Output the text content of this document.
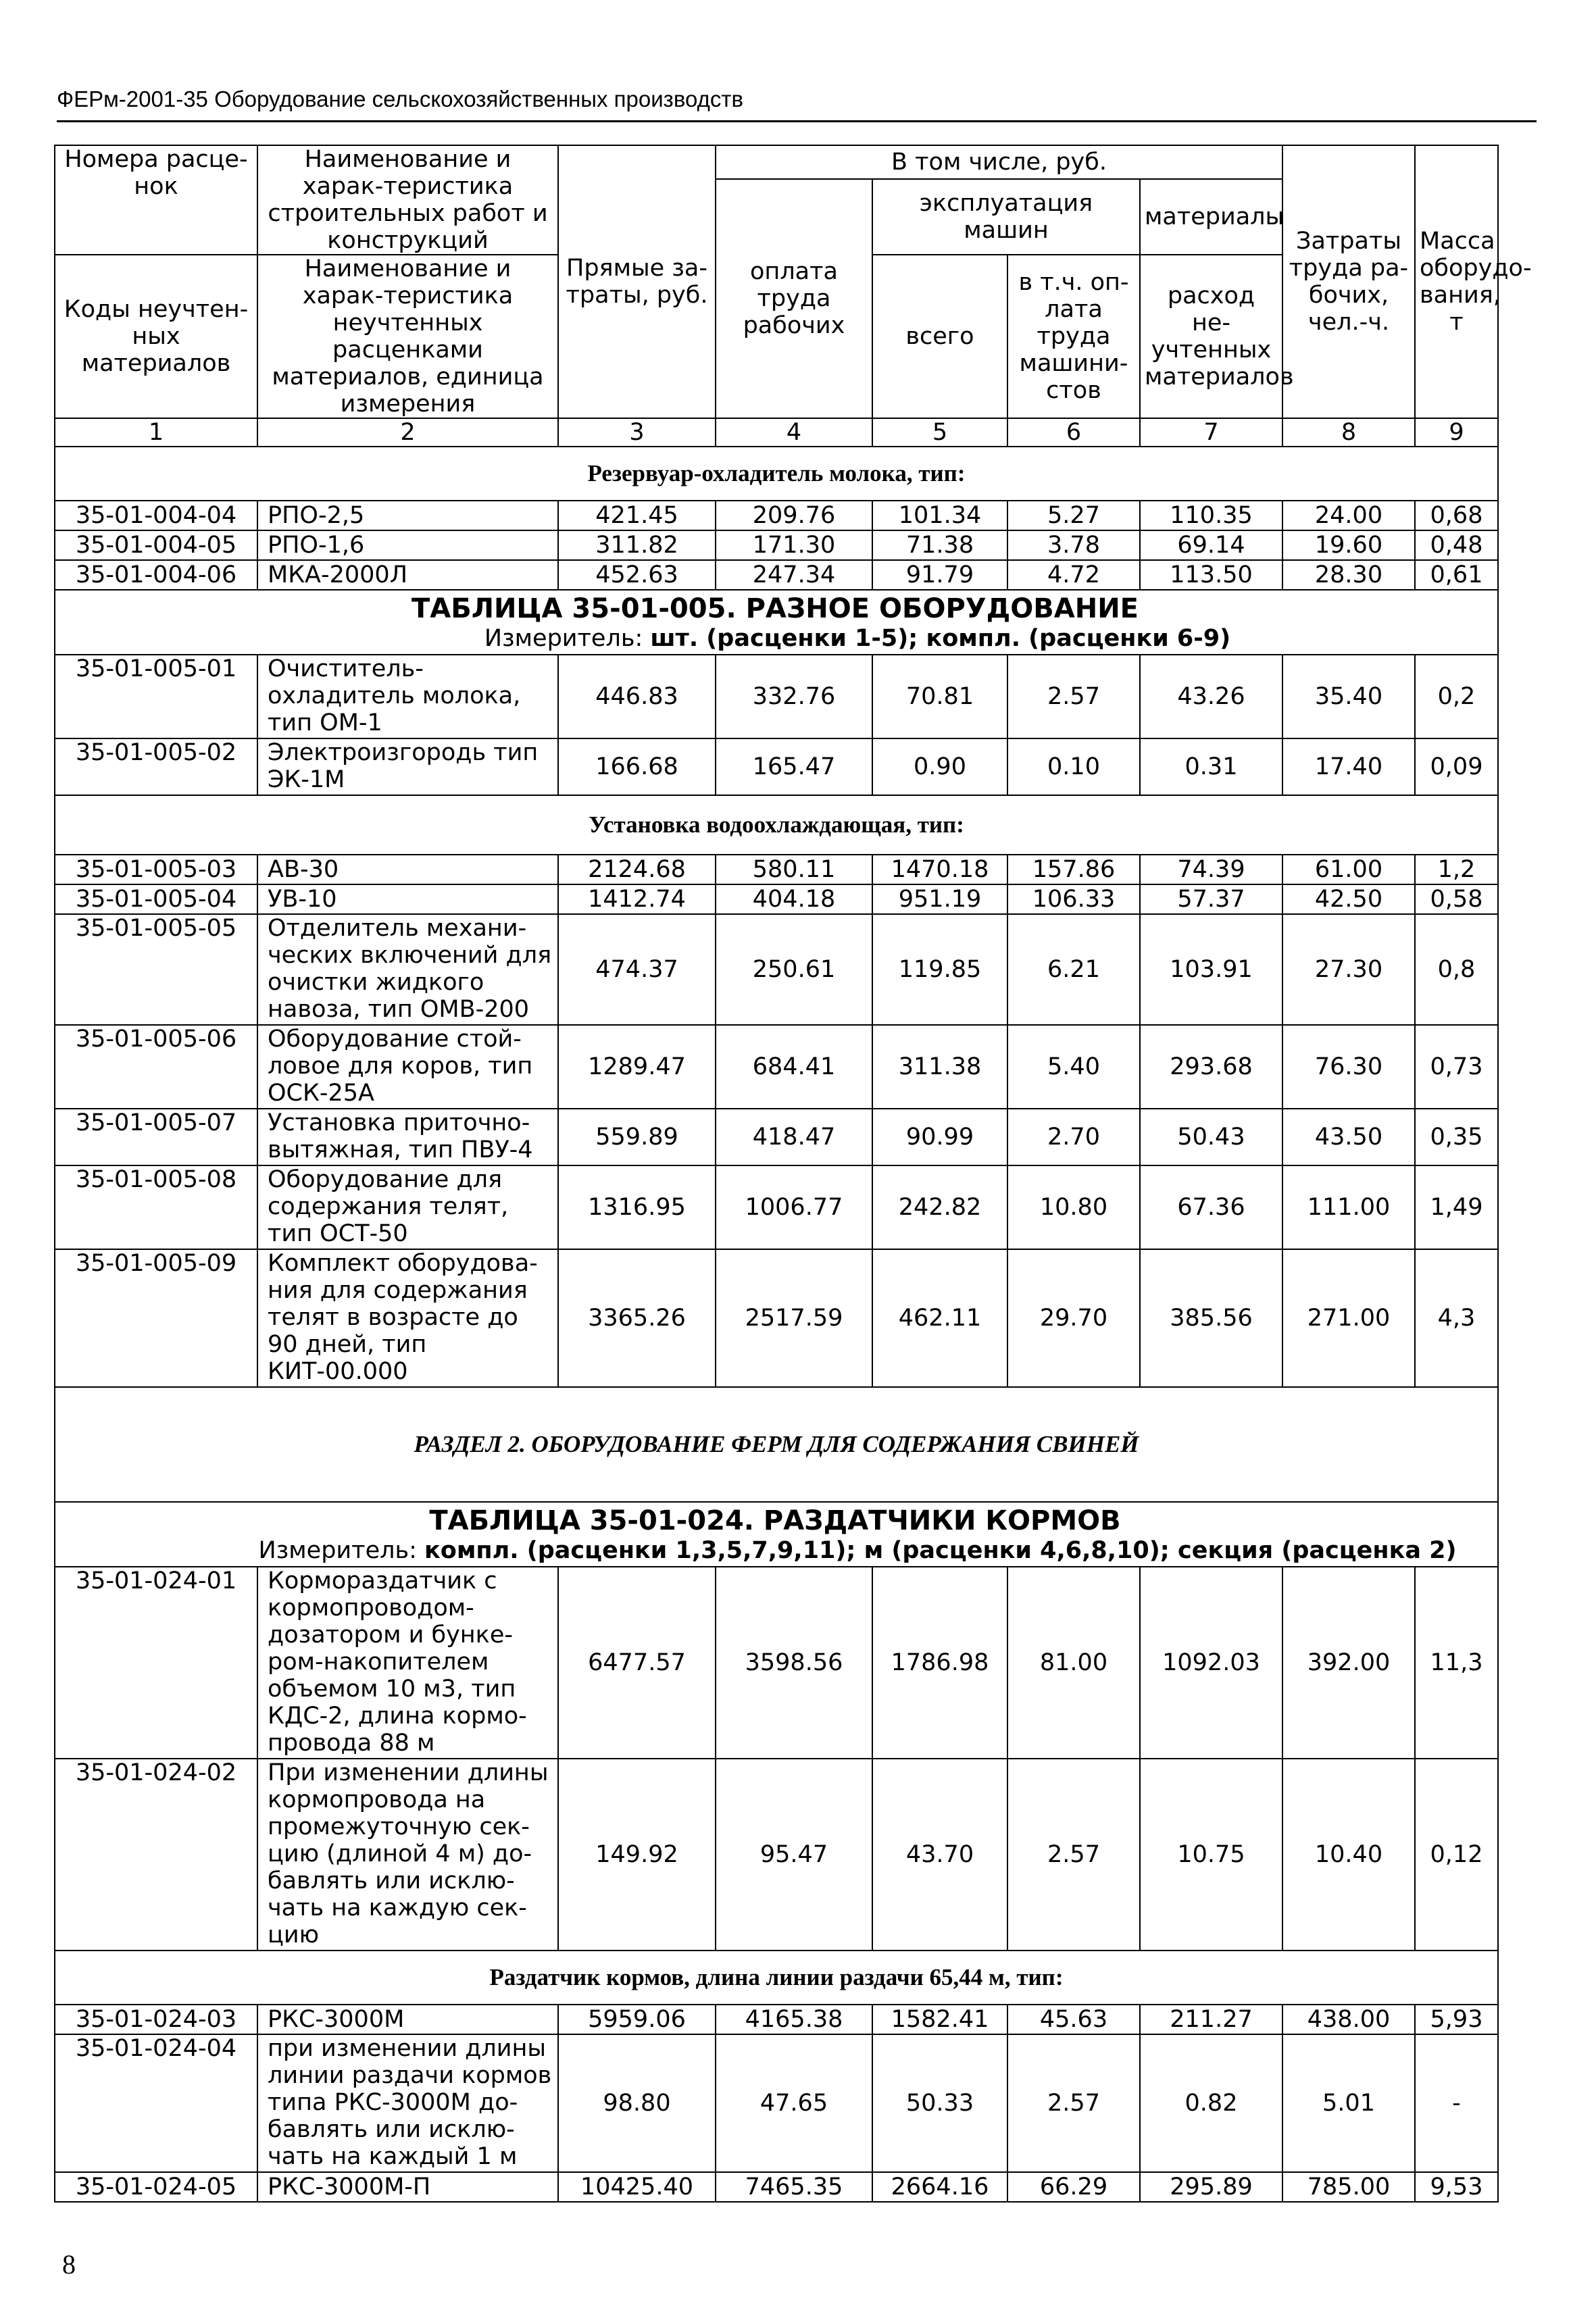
ФЕРм-2001-35 Оборудование сельскохозяйственных производств
Номера расце-нок	Наименование и харак-теристика строительных работ и конструкций	Прямые за-траты, руб.	В том числе, руб.				Затраты труда ра-бочих, чел.-ч.	Масса оборудо-вания, т
			оплата труда рабочих	эксплуатация машин		материалы		
Коды неучтен-ных материалов	Наименование и харак-теристика неучтенных расценками материалов, единица измерения			всего	в т.ч. оп-лата труда машини-стов	расход не-учтенных материалов		

1	2	3	4	5	6	7	8	9
Резервуар-охладитель молока, тип:								
35-01-004-04	РПО-2,5	421.45	209.76	101.34	5.27	110.35	24.00	0,68
35-01-004-05	РПО-1,6	311.82	171.30	71.38	3.78	69.14	19.60	0,48
35-01-004-06	МКА-2000Л	452.63	247.34	91.79	4.72	113.50	28.30	0,61

ТАБЛИЦА 35-01-005. РАЗНОЕ ОБОРУДОВАНИЕ
Измеритель: шт. (расценки 1-5); компл. (расценки 6-9)								

35-01-005-01	Очиститель-охладитель молока, тип ОМ-1	446.83	332.76	70.81	2.57	43.26	35.40	0,2
35-01-005-02	Электроизгородь тип ЭК-1М	166.68	165.47	0.90	0.10	0.31	17.40	0,09
Установка водоохлаждающая, тип:								
35-01-005-03	АВ-30	2124.68	580.11	1470.18	157.86	74.39	61.00	1,2
35-01-005-04	УВ-10	1412.74	404.18	951.19	106.33	57.37	42.50	0,58
35-01-005-05	Отделитель механи-ческих включений для очистки жидкого навоза, тип ОМВ-200	474.37	250.61	119.85	6.21	103.91	27.30	0,8
35-01-005-06	Оборудование стой-ловое для коров, тип ОСК-25А	1289.47	684.41	311.38	5.40	293.68	76.30	0,73
35-01-005-07	Установка приточно-вытяжная, тип ПВУ-4	559.89	418.47	90.99	2.70	50.43	43.50	0,35
35-01-005-08	Оборудование для содержания телят, тип ОСТ-50	1316.95	1006.77	242.82	10.80	67.36	111.00	1,49
35-01-005-09	Комплект оборудова-ния для содержания телят в возрасте до 90 дней, тип КИТ-00.000	3365.26	2517.59	462.11	29.70	385.56	271.00	4,3
РАЗДЕЛ 2. ОБОРУДОВАНИЕ ФЕРМ ДЛЯ СОДЕРЖАНИЯ СВИНЕЙ								

ТАБЛИЦА 35-01-024. РАЗДАТЧИКИ КОРМОВ
Измеритель: компл. (расценки 1,3,5,7,9,11); м (расценки 4,6,8,10); секция (расценка 2)								

35-01-024-01	Кормораздатчик с кормопроводом-дозатором и бунке-ром-накопителем объемом 10 м3, тип КДС-2, длина кормо-провода 88 м	6477.57	3598.56	1786.98	81.00	1092.03	392.00	11,3
35-01-024-02	При изменении длины кормопровода на промежуточную сек-цию (длиной 4 м) до-бавлять или исклю-чать на каждую сек-цию	149.92	95.47	43.70	2.57	10.75	10.40	0,12
Раздатчик кормов, длина линии раздачи 65,44 м, тип:								
35-01-024-03	РКС-3000М	5959.06	4165.38	1582.41	45.63	211.27	438.00	5,93
35-01-024-04	при изменении длины линии раздачи кормов типа РКС-3000М до-бавлять или исклю-чать на каждый 1 м	98.80	47.65	50.33	2.57	0.82	5.01	-
35-01-024-05	РКС-3000М-П	10425.40	7465.35	2664.16	66.29	295.89	785.00	9,53
8
